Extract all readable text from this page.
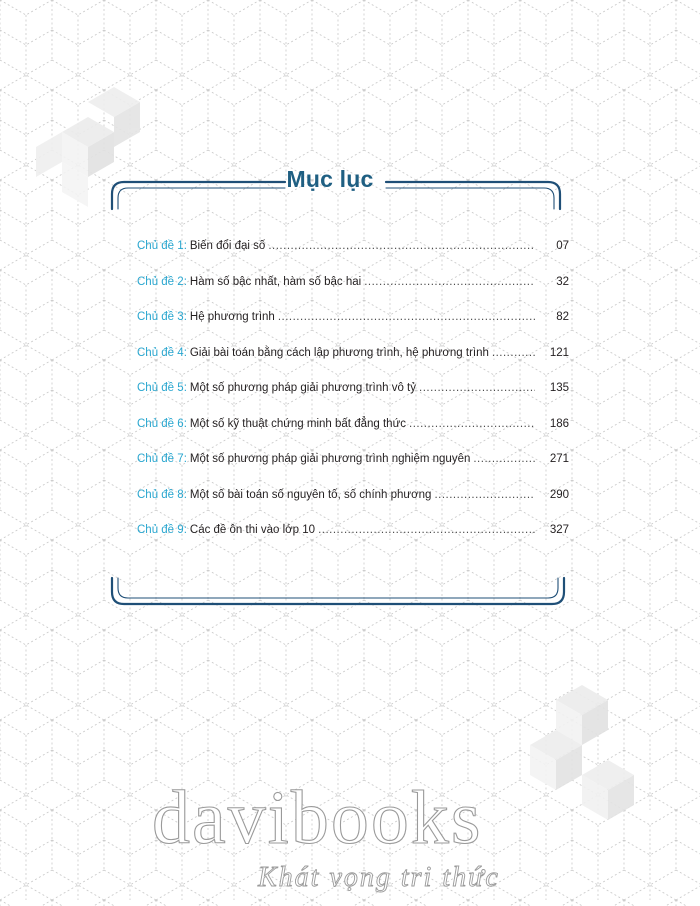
Mục lục
Chủ đề 1 : Biến đổi đại số .....	07
Chủ đề 2 : Hàm số bậc nhất, hàm số bậc hai .....	32
Chủ đề 3 : Hệ phương trình .....	82
Chủ đề 4 : Giải bài toán bằng cách lập phương trình, hệ phương trình .....	121
Chủ đề 5 : Một số phương pháp giải phương trình vô tỷ .....	135
Chủ đề 6 : Một số kỹ thuật chứng minh bất đẳng thức .....	186
Chủ đề 7 : Một số phương pháp giải phương trình nghiệm nguyên .....	271
Chủ đề 8 : Một số bài toán số nguyên tố, số chính phương .....	290
Chủ đề 9 : Các đề ôn thi vào lớp 10 .....	327
davibooks
Khát vọng tri thức
